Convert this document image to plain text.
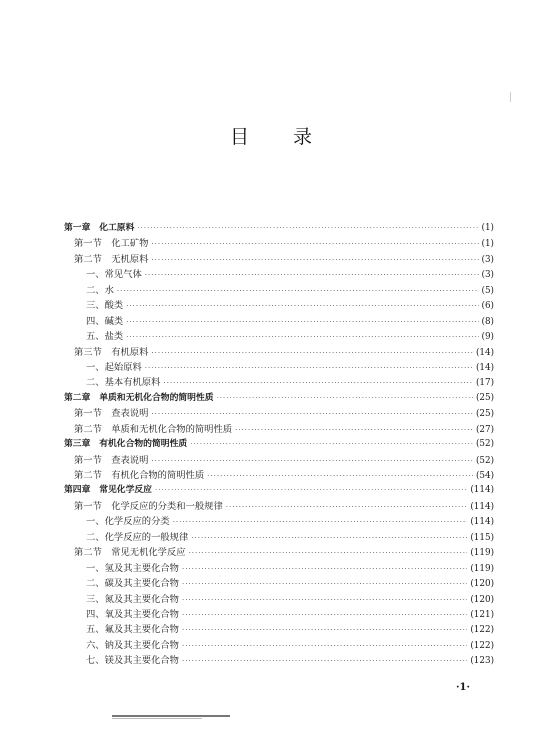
目 录
第一章　化工原料 ·····	(1)
第一节　化工矿物 ·····	(1)
第二节　无机原料 ·····	(3)
一、常见气体 ·····	(3)
二、水 ·····	(5)
三、酸类 ·····	(6)
四、碱类 ·····	(8)
五、盐类 ·····	(9)
第三节　有机原料 ·····	(14)
一、起始原料 ·····	(14)
二、基本有机原料 ·····	(17)
第二章　单质和无机化合物的简明性质 ·····	(25)
第一节　查表说明 ·····	(25)
第二节　单质和无机化合物的简明性质 ·····	(27)
第三章　有机化合物的简明性质 ·····	(52)
第一节　查表说明 ·····	(52)
第二节　有机化合物的简明性质 ·····	(54)
第四章　常见化学反应 ·····	(114)
第一节　化学反应的分类和一般规律 ·····	(114)
一、化学反应的分类 ·····	(114)
二、化学反应的一般规律 ·····	(115)
第二节　常见无机化学反应 ·····	(119)
一、氢及其主要化合物 ·····	(119)
二、碳及其主要化合物 ·····	(120)
三、氮及其主要化合物 ·····	(120)
四、氧及其主要化合物 ·····	(121)
五、氟及其主要化合物 ·····	(122)
六、钠及其主要化合物 ·····	(122)
七、镁及其主要化合物 ·····	(123)
·1·
